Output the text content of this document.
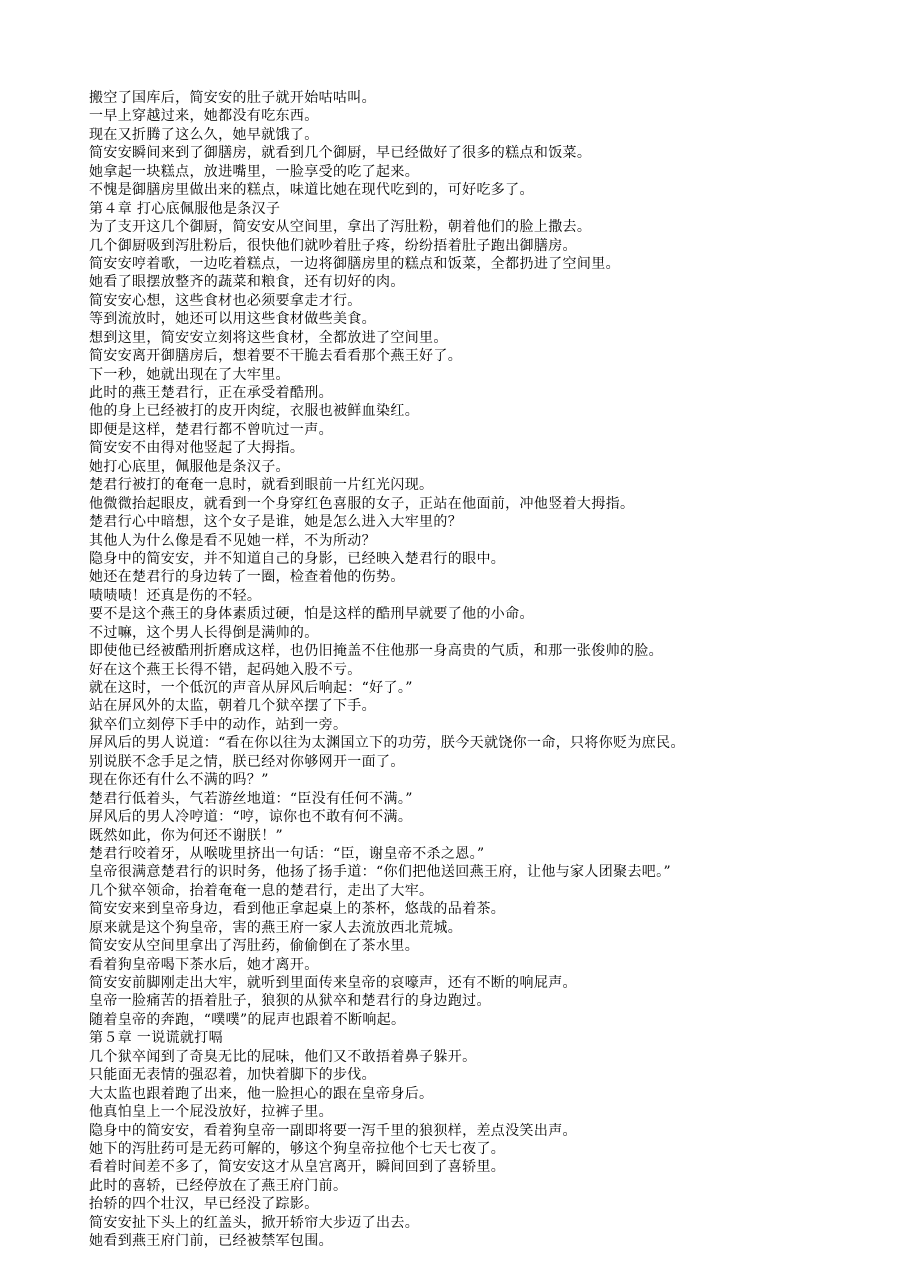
搬空了国库后，简安安的肚子就开始咕咕叫。
一早上穿越过来，她都没有吃东西。
现在又折腾了这么久，她早就饿了。
简安安瞬间来到了御膳房，就看到几个御厨，早已经做好了很多的糕点和饭菜。
她拿起一块糕点，放进嘴里，一脸享受的吃了起来。
不愧是御膳房里做出来的糕点，味道比她在现代吃到的，可好吃多了。
第４章 打心底佩服他是条汉子
为了支开这几个御厨，简安安从空间里，拿出了泻肚粉，朝着他们的脸上撒去。
几个御厨吸到泻肚粉后，很快他们就吵着肚子疼，纷纷捂着肚子跑出御膳房。
简安安哼着歌，一边吃着糕点，一边将御膳房里的糕点和饭菜，全都扔进了空间里。
她看了眼摆放整齐的蔬菜和粮食，还有切好的肉。
简安安心想，这些食材也必须要拿走才行。
等到流放时，她还可以用这些食材做些美食。
想到这里，简安安立刻将这些食材，全都放进了空间里。
简安安离开御膳房后，想着要不干脆去看看那个燕王好了。
下一秒，她就出现在了大牢里。
此时的燕王楚君行，正在承受着酷刑。
他的身上已经被打的皮开肉绽，衣服也被鲜血染红。
即便是这样，楚君行都不曾吭过一声。
简安安不由得对他竖起了大拇指。
她打心底里，佩服他是条汉子。
楚君行被打的奄奄一息时，就看到眼前一片红光闪现。
他微微抬起眼皮，就看到一个身穿红色喜服的女子，正站在他面前，冲他竖着大拇指。
楚君行心中暗想，这个女子是谁，她是怎么进入大牢里的？
其他人为什么像是看不见她一样，不为所动？
隐身中的简安安，并不知道自己的身影，已经映入楚君行的眼中。
她还在楚君行的身边转了一圈，检查着他的伤势。
啧啧啧！还真是伤的不轻。
要不是这个燕王的身体素质过硬，怕是这样的酷刑早就要了他的小命。
不过嘛，这个男人长得倒是满帅的。
即使他已经被酷刑折磨成这样，也仍旧掩盖不住他那一身高贵的气质，和那一张俊帅的脸。
好在这个燕王长得不错，起码她入股不亏。
就在这时，一个低沉的声音从屏风后响起：“好了。”
站在屏风外的太监，朝着几个狱卒摆了下手。
狱卒们立刻停下手中的动作，站到一旁。
屏风后的男人说道：“看在你以往为太渊国立下的功劳，朕今天就饶你一命，只将你贬为庶民。
别说朕不念手足之情，朕已经对你够网开一面了。
现在你还有什么不满的吗？”
楚君行低着头，气若游丝地道：“臣没有任何不满。”
屏风后的男人冷哼道：“哼，谅你也不敢有何不满。
既然如此，你为何还不谢朕！”
楚君行咬着牙，从喉咙里挤出一句话：“臣，谢皇帝不杀之恩。”
皇帝很满意楚君行的识时务，他扬了扬手道：“你们把他送回燕王府，让他与家人团聚去吧。”
几个狱卒领命，抬着奄奄一息的楚君行，走出了大牢。
简安安来到皇帝身边，看到他正拿起桌上的茶杯，悠哉的品着茶。
原来就是这个狗皇帝，害的燕王府一家人去流放西北荒城。
简安安从空间里拿出了泻肚药，偷偷倒在了茶水里。
看着狗皇帝喝下茶水后，她才离开。
简安安前脚刚走出大牢，就听到里面传来皇帝的哀嚎声，还有不断的响屁声。
皇帝一脸痛苦的捂着肚子，狼狈的从狱卒和楚君行的身边跑过。
随着皇帝的奔跑，“噗噗”的屁声也跟着不断响起。
第５章 一说谎就打嗝
几个狱卒闻到了奇臭无比的屁味，他们又不敢捂着鼻子躲开。
只能面无表情的强忍着，加快着脚下的步伐。
大太监也跟着跑了出来，他一脸担心的跟在皇帝身后。
他真怕皇上一个屁没放好，拉裤子里。
隐身中的简安安，看着狗皇帝一副即将要一泻千里的狼狈样，差点没笑出声。
她下的泻肚药可是无药可解的，够这个狗皇帝拉他个七天七夜了。
看着时间差不多了，简安安这才从皇宫离开，瞬间回到了喜轿里。
此时的喜轿，已经停放在了燕王府门前。
抬轿的四个壮汉，早已经没了踪影。
简安安扯下头上的红盖头，掀开轿帘大步迈了出去。
她看到燕王府门前，已经被禁军包围。
